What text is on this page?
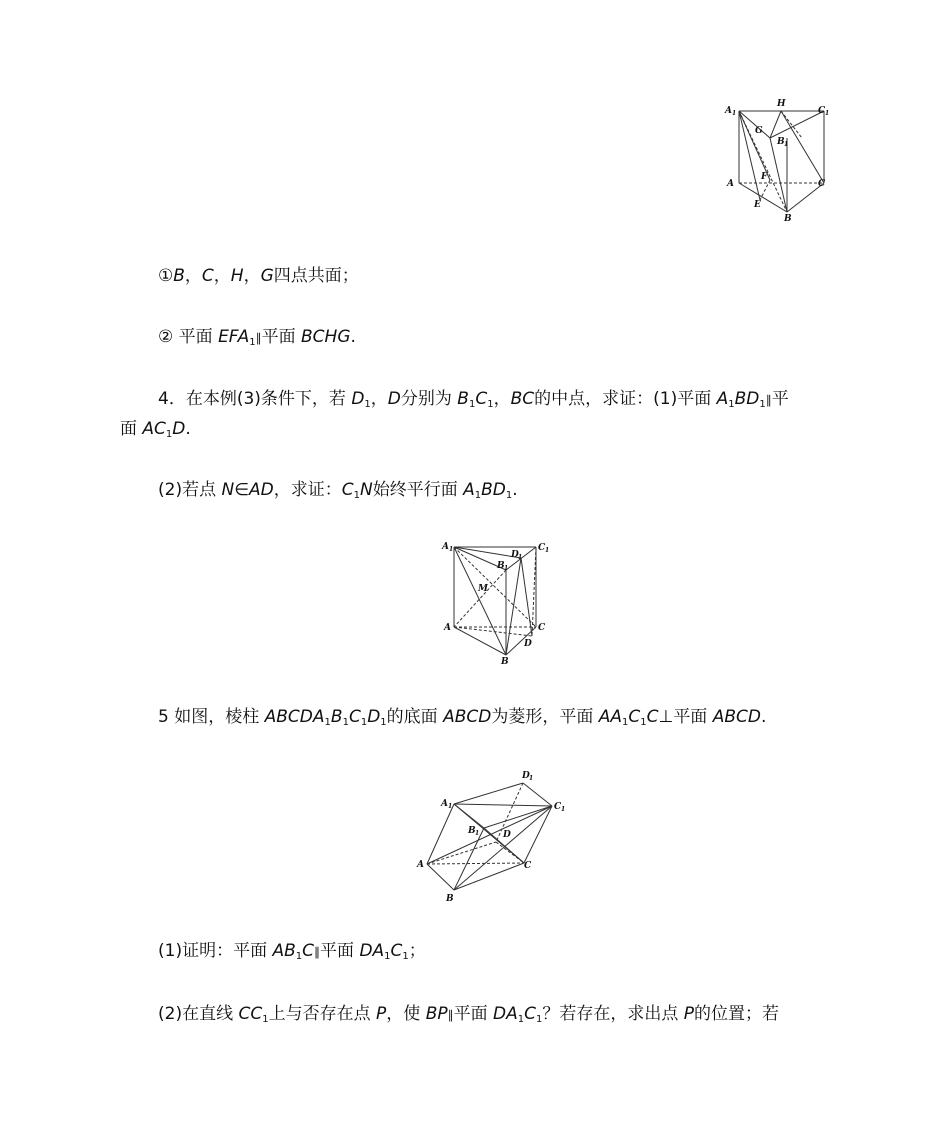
A 1
H
C 1
G
B 1
A
F
C
E
B
①B，C，H，G四点共面；
② 平面 $EFA_1\parallel$平面 BCHG.
4．在本例(3)条件下，若 $D_1$，D分别为 $B_1C_1$，BC的中点，求证：(1)平面 $A_1BD_1\parallel$平
面 $AC_1D$.
(2)若点 N∈AD，求证：$C_1N$始终平行面 $A_1BD_1$.
A 1
D 1
C 1
B 1
M
A	C
D
B
5 如图，棱柱 $ABCDA_1B_1C_1D_1$的底面 ABCD为菱形，平面 $AA_1C_1C\perp$平面 ABCD.
D 1
A 1	C 1
B 1	D
A	C
B
(1)证明：平面 $AB_1C\parallel$平面 $DA_1C_1$；
(2)在直线 $CC_1$上与否存在点 P，使 BP∥平面 $DA_1C_1$？若存在，求出点 P的位置；若
